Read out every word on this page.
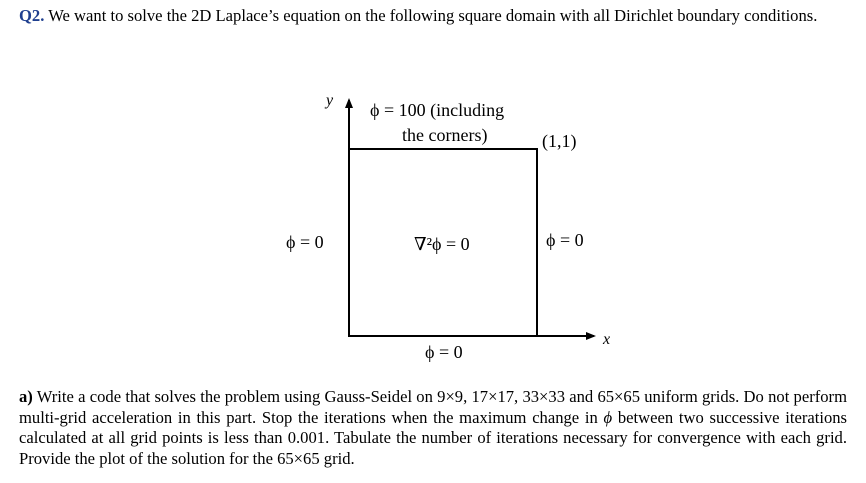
Q2. We want to solve the 2D Laplace’s equation on the following square domain with all Dirichlet boundary conditions.

y
x
ϕ = 100 (including
the corners)	(1,1)
ϕ = 0	ϕ = 0
ϕ = 0
∇²ϕ = 0

a) Write a code that solves the problem using Gauss-Seidel on 9×9, 17×17, 33×33 and 65×65 uniform grids. Do not perform multi-grid acceleration in this part. Stop the iterations when the maximum change in ϕ between two successive iterations calculated at all grid points is less than 0.001. Tabulate the number of iterations necessary for convergence with each grid. Provide the plot of the solution for the 65×65 grid.
